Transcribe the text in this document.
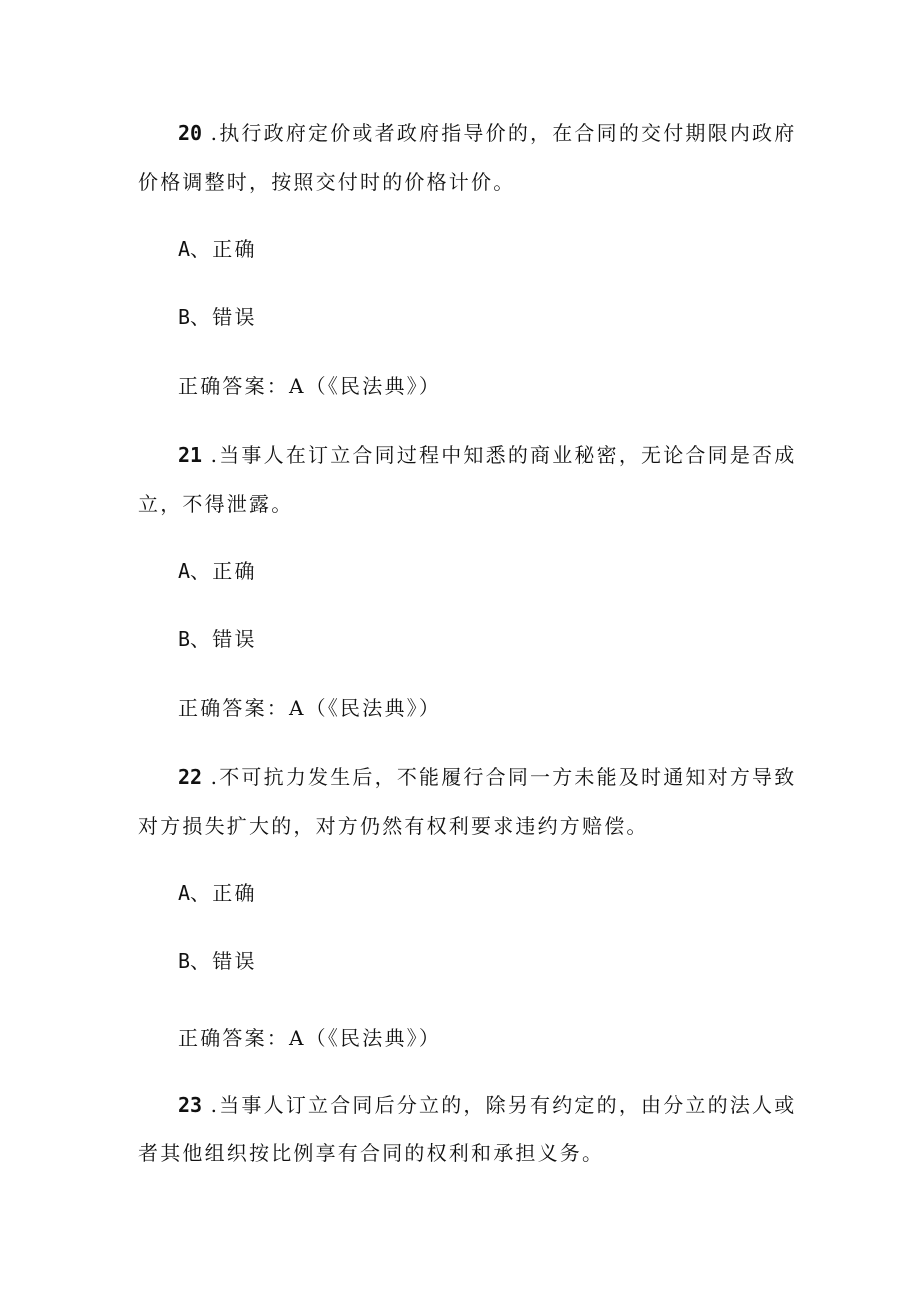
20 .执行政府定价或者政府指导价的，在合同的交付期限内政府
价格调整时，按照交付时的价格计价。
A、正确
B、错误
正确答案：A（《民法典》）
21 .当事人在订立合同过程中知悉的商业秘密，无论合同是否成
立，不得泄露。
A、正确
B、错误
正确答案：A（《民法典》）
22 .不可抗力发生后，不能履行合同一方未能及时通知对方导致
对方损失扩大的，对方仍然有权利要求违约方赔偿。
A、正确
B、错误
正确答案：A（《民法典》）
23 .当事人订立合同后分立的，除另有约定的，由分立的法人或
者其他组织按比例享有合同的权利和承担义务。
